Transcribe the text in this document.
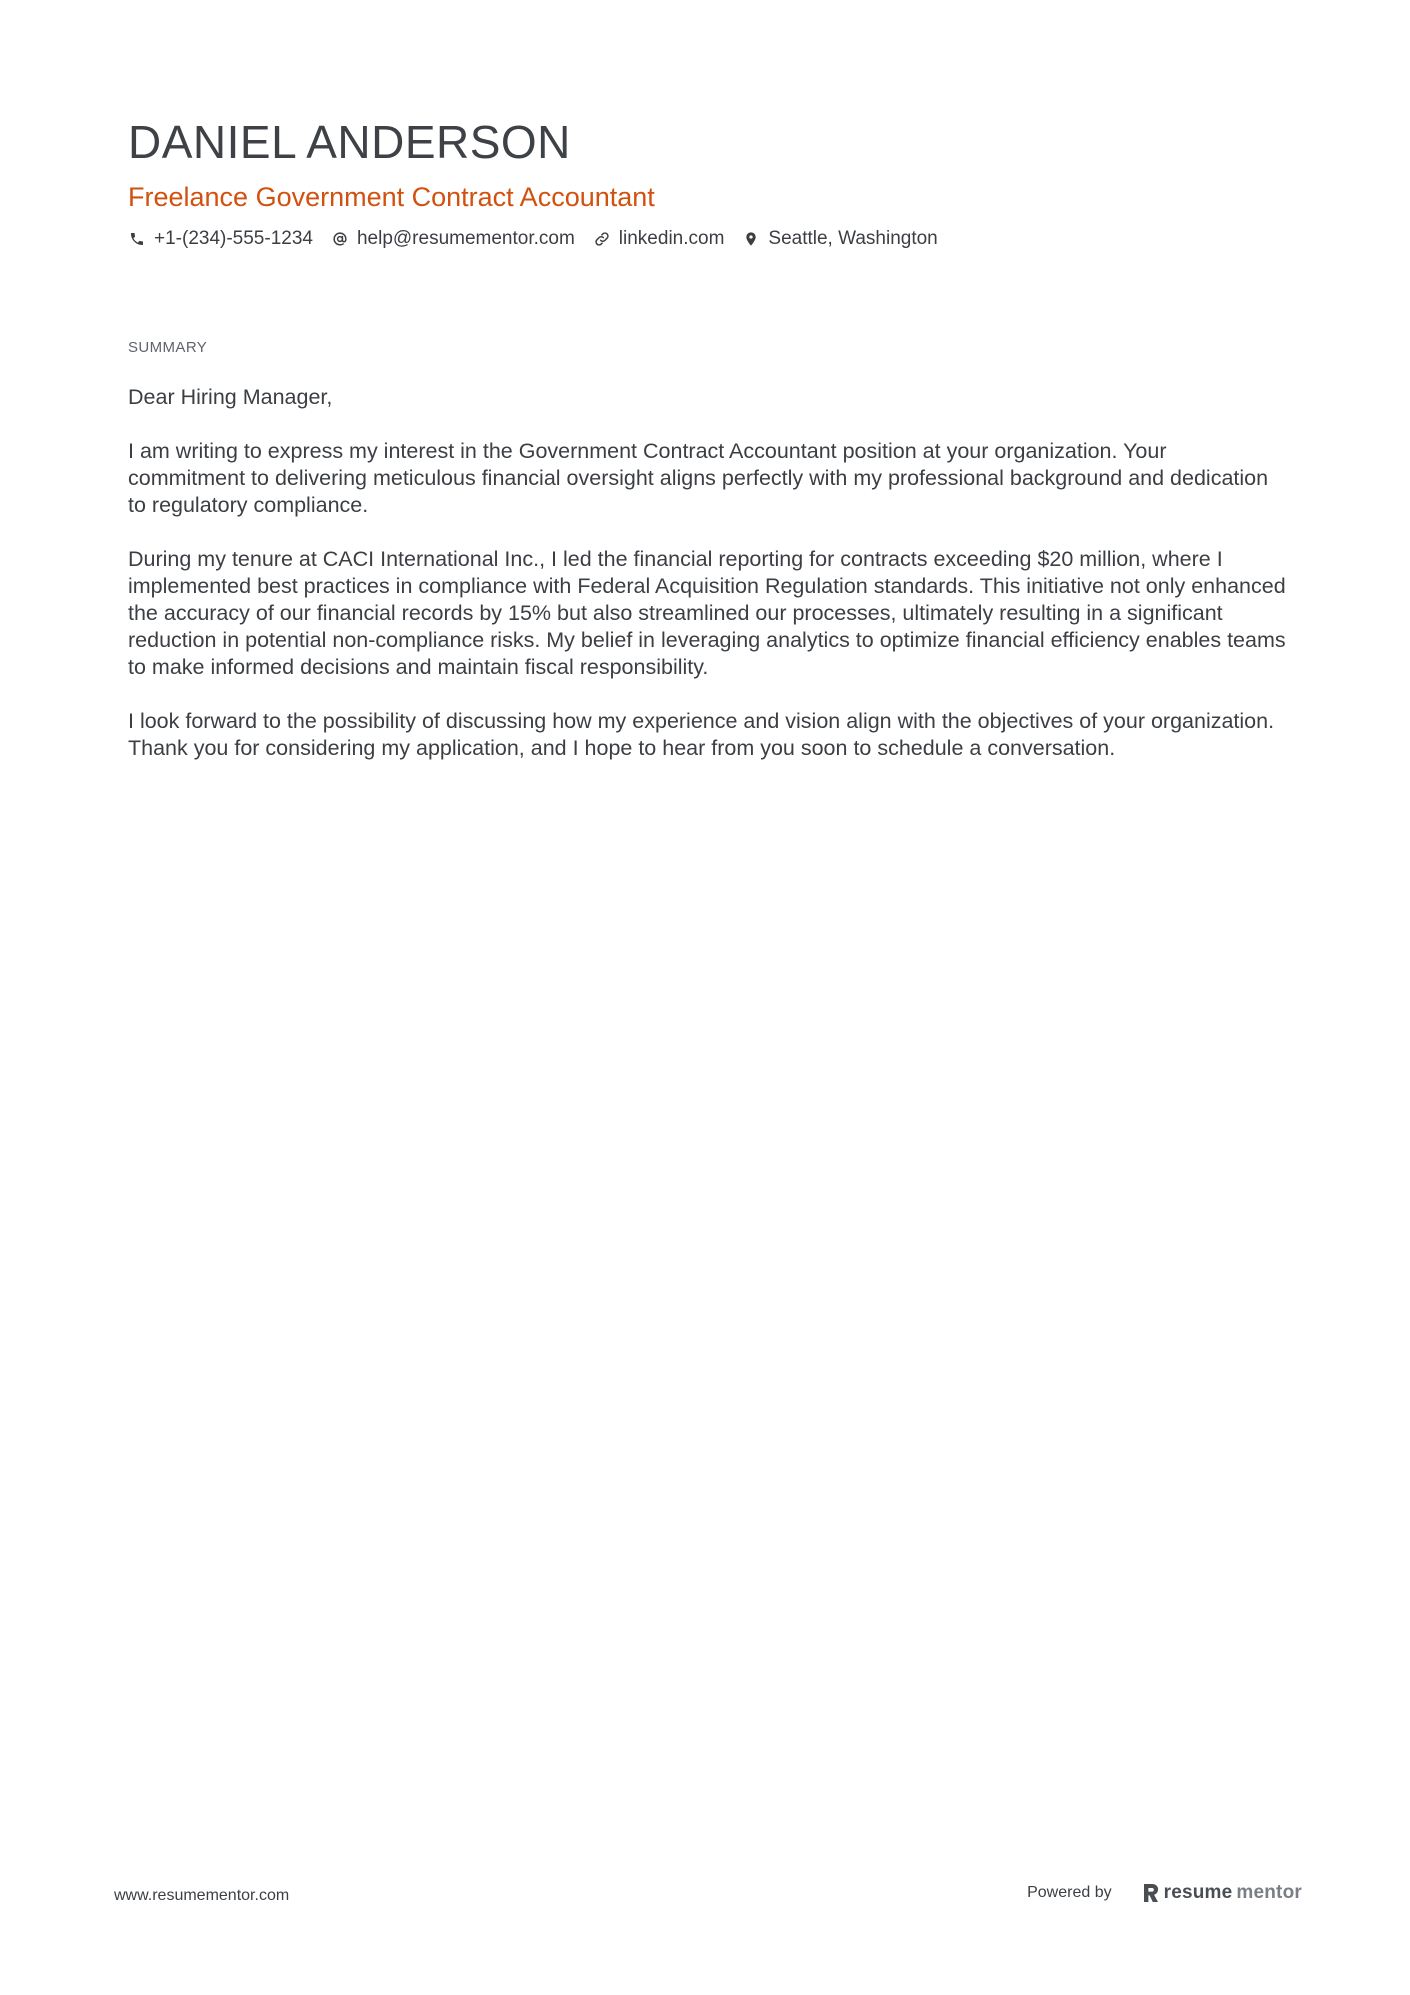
DANIEL ANDERSON
Freelance Government Contract Accountant
+1-(234)-555-1234 help@resumementor.com linkedin.com Seattle, Washington
SUMMARY

Dear Hiring Manager,

I am writing to express my interest in the Government Contract Accountant position at your organization. Your commitment to delivering meticulous financial oversight aligns perfectly with my professional background and dedication to regulatory compliance.

During my tenure at CACI International Inc., I led the financial reporting for contracts exceeding $20 million, where I implemented best practices in compliance with Federal Acquisition Regulation standards. This initiative not only enhanced the accuracy of our financial records by 15% but also streamlined our processes, ultimately resulting in a significant reduction in potential non-compliance risks. My belief in leveraging analytics to optimize financial efficiency enables teams to make informed decisions and maintain fiscal responsibility.

I look forward to the possibility of discussing how my experience and vision align with the objectives of your organization. Thank you for considering my application, and I hope to hear from you soon to schedule a conversation.

www.resumementor.com	Powered by	resume mentor
